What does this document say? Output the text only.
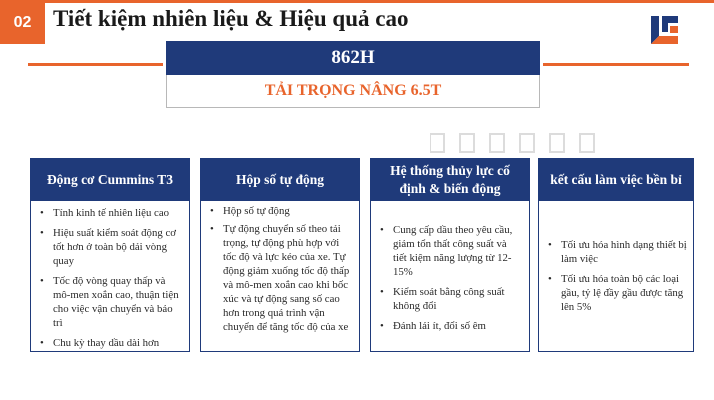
02 Tiết kiệm nhiên liệu & Hiệu quả cao
862H
TẢI TRỌNG NÂNG 6.5T
Động cơ Cummins T3
• Tính kinh tế nhiên liệu cao
• Hiệu suất kiểm soát động cơ tốt hơn ở toàn bộ dải vòng quay
• Tốc độ vòng quay thấp và mô-men xoắn cao, thuận tiện cho việc vận chuyển và bảo trì
• Chu kỳ thay dầu dài hơn
Hộp số tự động
• Hộp số tự động
• Tự động chuyển số theo tải trọng, tự động phù hợp với tốc độ và lực kéo của xe. Tự động giảm xuống tốc độ thấp và mô-men xoắn cao khi bốc xúc và tự động sang số cao hơn trong quá trình vận chuyển để tăng tốc độ của xe
Hệ thống thủy lực cố định & biến động
• Cung cấp dầu theo yêu cầu, giảm tổn thất công suất và tiết kiệm năng lượng từ 12-15%
• Kiểm soát bằng công suất không đổi
• Đánh lái ít, đổi số êm
kết cấu làm việc bền bỉ
• Tối ưu hóa hình dạng thiết bị làm việc
• Tối ưu hóa toàn bộ các loại gầu, tỷ lệ đầy gầu được tăng lên 5%
